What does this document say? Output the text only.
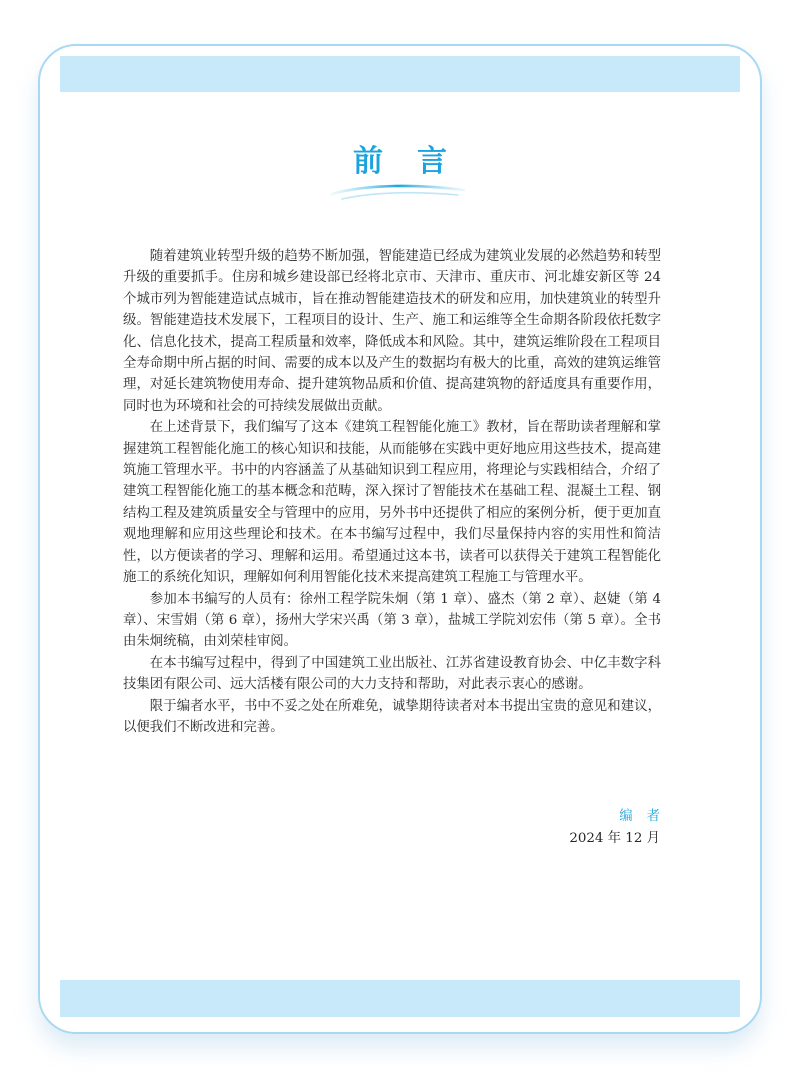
前言

随着建筑业转型升级的趋势不断加强，智能建造已经成为建筑业发展的必然趋势和转型升级的重要抓手。住房和城乡建设部已经将北京市、天津市、重庆市、河北雄安新区等 24 个城市列为智能建造试点城市，旨在推动智能建造技术的研发和应用，加快建筑业的转型升级。智能建造技术发展下，工程项目的设计、生产、施工和运维等全生命期各阶段依托数字化、信息化技术，提高工程质量和效率，降低成本和风险。其中，建筑运维阶段在工程项目全寿命期中所占据的时间、需要的成本以及产生的数据均有极大的比重，高效的建筑运维管理，对延长建筑物使用寿命、提升建筑物品质和价值、提高建筑物的舒适度具有重要作用，同时也为环境和社会的可持续发展做出贡献。

在上述背景下，我们编写了这本《建筑工程智能化施工》教材，旨在帮助读者理解和掌握建筑工程智能化施工的核心知识和技能，从而能够在实践中更好地应用这些技术，提高建筑施工管理水平。书中的内容涵盖了从基础知识到工程应用，将理论与实践相结合，介绍了建筑工程智能化施工的基本概念和范畴，深入探讨了智能技术在基础工程、混凝土工程、钢结构工程及建筑质量安全与管理中的应用，另外书中还提供了相应的案例分析，便于更加直观地理解和应用这些理论和技术。在本书编写过程中，我们尽量保持内容的实用性和简洁性，以方便读者的学习、理解和运用。希望通过这本书，读者可以获得关于建筑工程智能化施工的系统化知识，理解如何利用智能化技术来提高建筑工程施工与管理水平。

参加本书编写的人员有：徐州工程学院朱炯（第 1 章）、盛杰（第 2 章）、赵婕（第 4 章）、宋雪娟（第 6 章），扬州大学宋兴禹（第 3 章），盐城工学院刘宏伟（第 5 章）。全书由朱炯统稿，由刘荣桂审阅。

在本书编写过程中，得到了中国建筑工业出版社、江苏省建设教育协会、中亿丰数字科技集团有限公司、远大活楼有限公司的大力支持和帮助，对此表示衷心的感谢。

限于编者水平，书中不妥之处在所难免，诚挚期待读者对本书提出宝贵的意见和建议，以便我们不断改进和完善。

编者
2024 年 12 月
